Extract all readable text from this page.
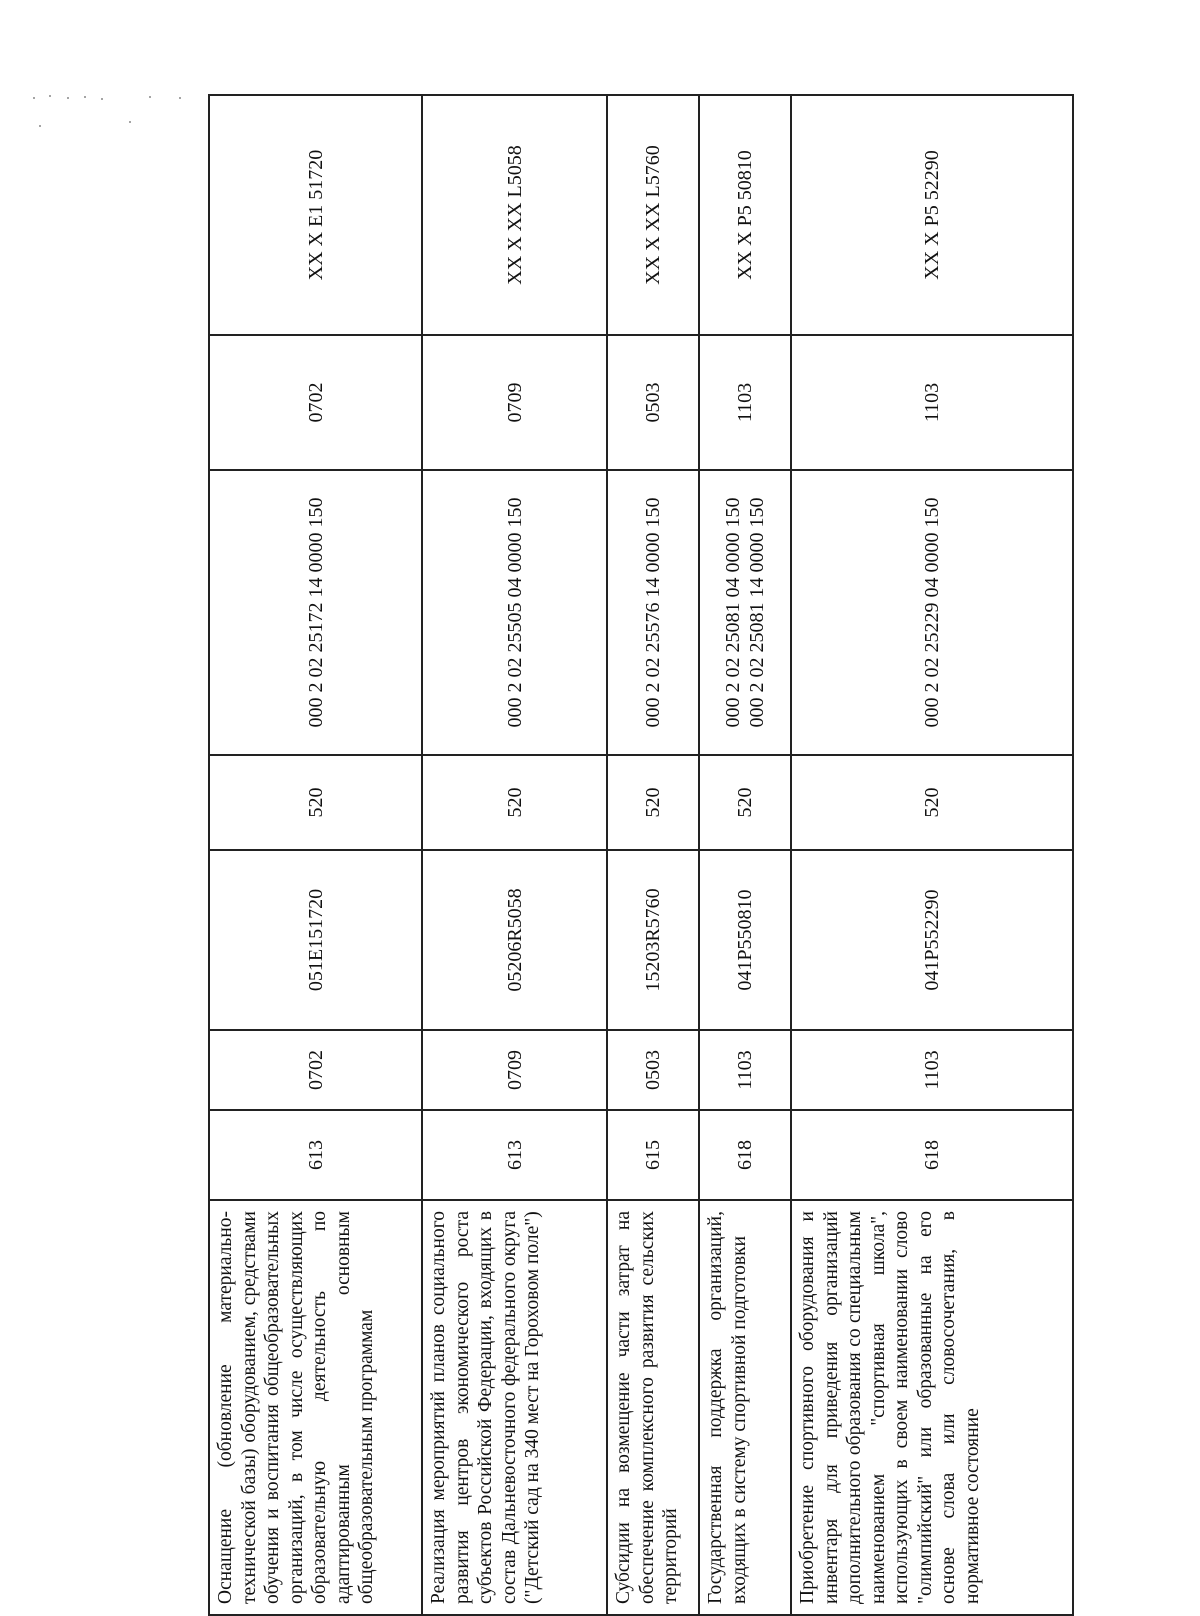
Оснащение (обновление материально-технической базы) оборудованием, средствами обучения и воспитания общеобразовательных организаций, в том числе осуществляющих образовательную деятельность по адаптированным основным общеобразовательным программам	613	0702	051E151720	520	000 2 02 25172 14 0000 150	0702	XX X E1 51720
Реализация мероприятий планов социального развития центров экономического роста субъектов Российской Федерации, входящих в состав Дальневосточного федерального округа ("Детский сад на 340 мест на Гороховом поле")	613	0709	05206R5058	520	000 2 02 25505 04 0000 150	0709	XX X XX L5058
Субсидии на возмещение части затрат на обеспечение комплексного развития сельских территорий	615	0503	15203R5760	520	000 2 02 25576 14 0000 150	0503	XX X XX L5760
Государственная поддержка организаций, входящих в систему спортивной подготовки	618	1103	041P550810	520	000 2 02 25081 04 0000 150 000 2 02 25081 14 0000 150	1103	XX X P5 50810
Приобретение спортивного оборудования и инвентаря для приведения организаций дополнительного образования со специальным наименованием "спортивная школа", использующих в своем наименовании слово "олимпийский" или образованные на его основе слова или словосочетания, в нормативное состояние	618	1103	041P552290	520	000 2 02 25229 04 0000 150	1103	XX X P5 52290
